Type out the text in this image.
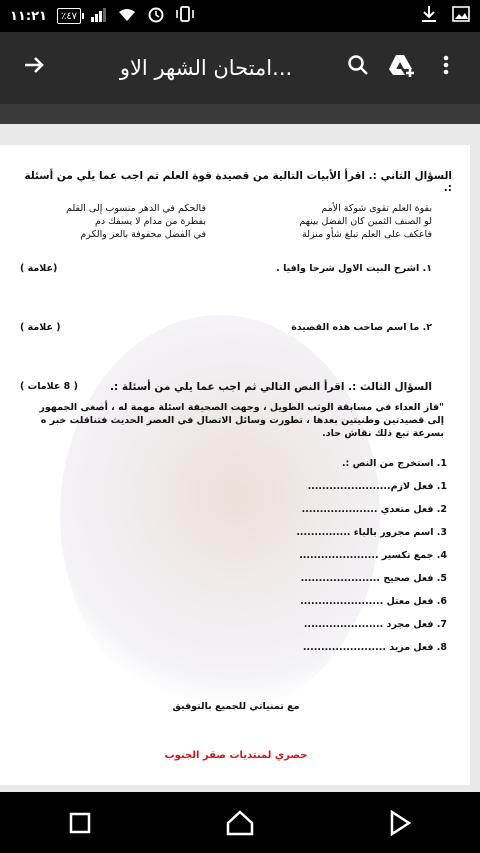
١١:٢١ ٪٤٧
امتحان الشهر الاو...
السؤال الثاني :. اقرأ الأبيات التالية من قصيدة قوة العلم ثم اجب عما يلي من أسئلة :.
بقوة العلم تقوى شوكة الأمم
فالحكم في الدهر منسوب إلى القلم
لو الصنف الثمين كان الفضل بينهم
بفطرة من مدام لا يسفك دم
فاعكف على العلم تبلغ شأو منزلة
في الفضل محفوفة بالعز والكرم
١. اشرح البيت الاول شرحا وافيا .
(علامة )
٢. ما اسم صاحب هذه القصيدة
( علامة )
السؤال الثالث :. اقرأ النص التالي ثم اجب عما يلي من أسئلة :.
( 8 علامات )
"فاز العداء في مسابقة الوثب الطويل ، وجهت الصحيفة اسئلة مهمة له ، أصغى الجمهور إلى قصيدتين وطنيتين بعدها ، تطورت وسائل الاتصال في العصر الحديث فتناقلت خبر ه بسرعة تبع ذلك نقاش حاد.
1. استخرج من النص :.
1. فعل لازم.......................
2. فعل متعدي .....................
3. اسم مجرور بالباء ...............
4. جمع تكسير ......................
5. فعل صحيح ......................
6. فعل معتل .......................
7. فعل مجرد ......................
8. فعل مزيد .......................
مع تمنياتي للجميع بالتوفيق
حصري لمنتديات صقر الجنوب
